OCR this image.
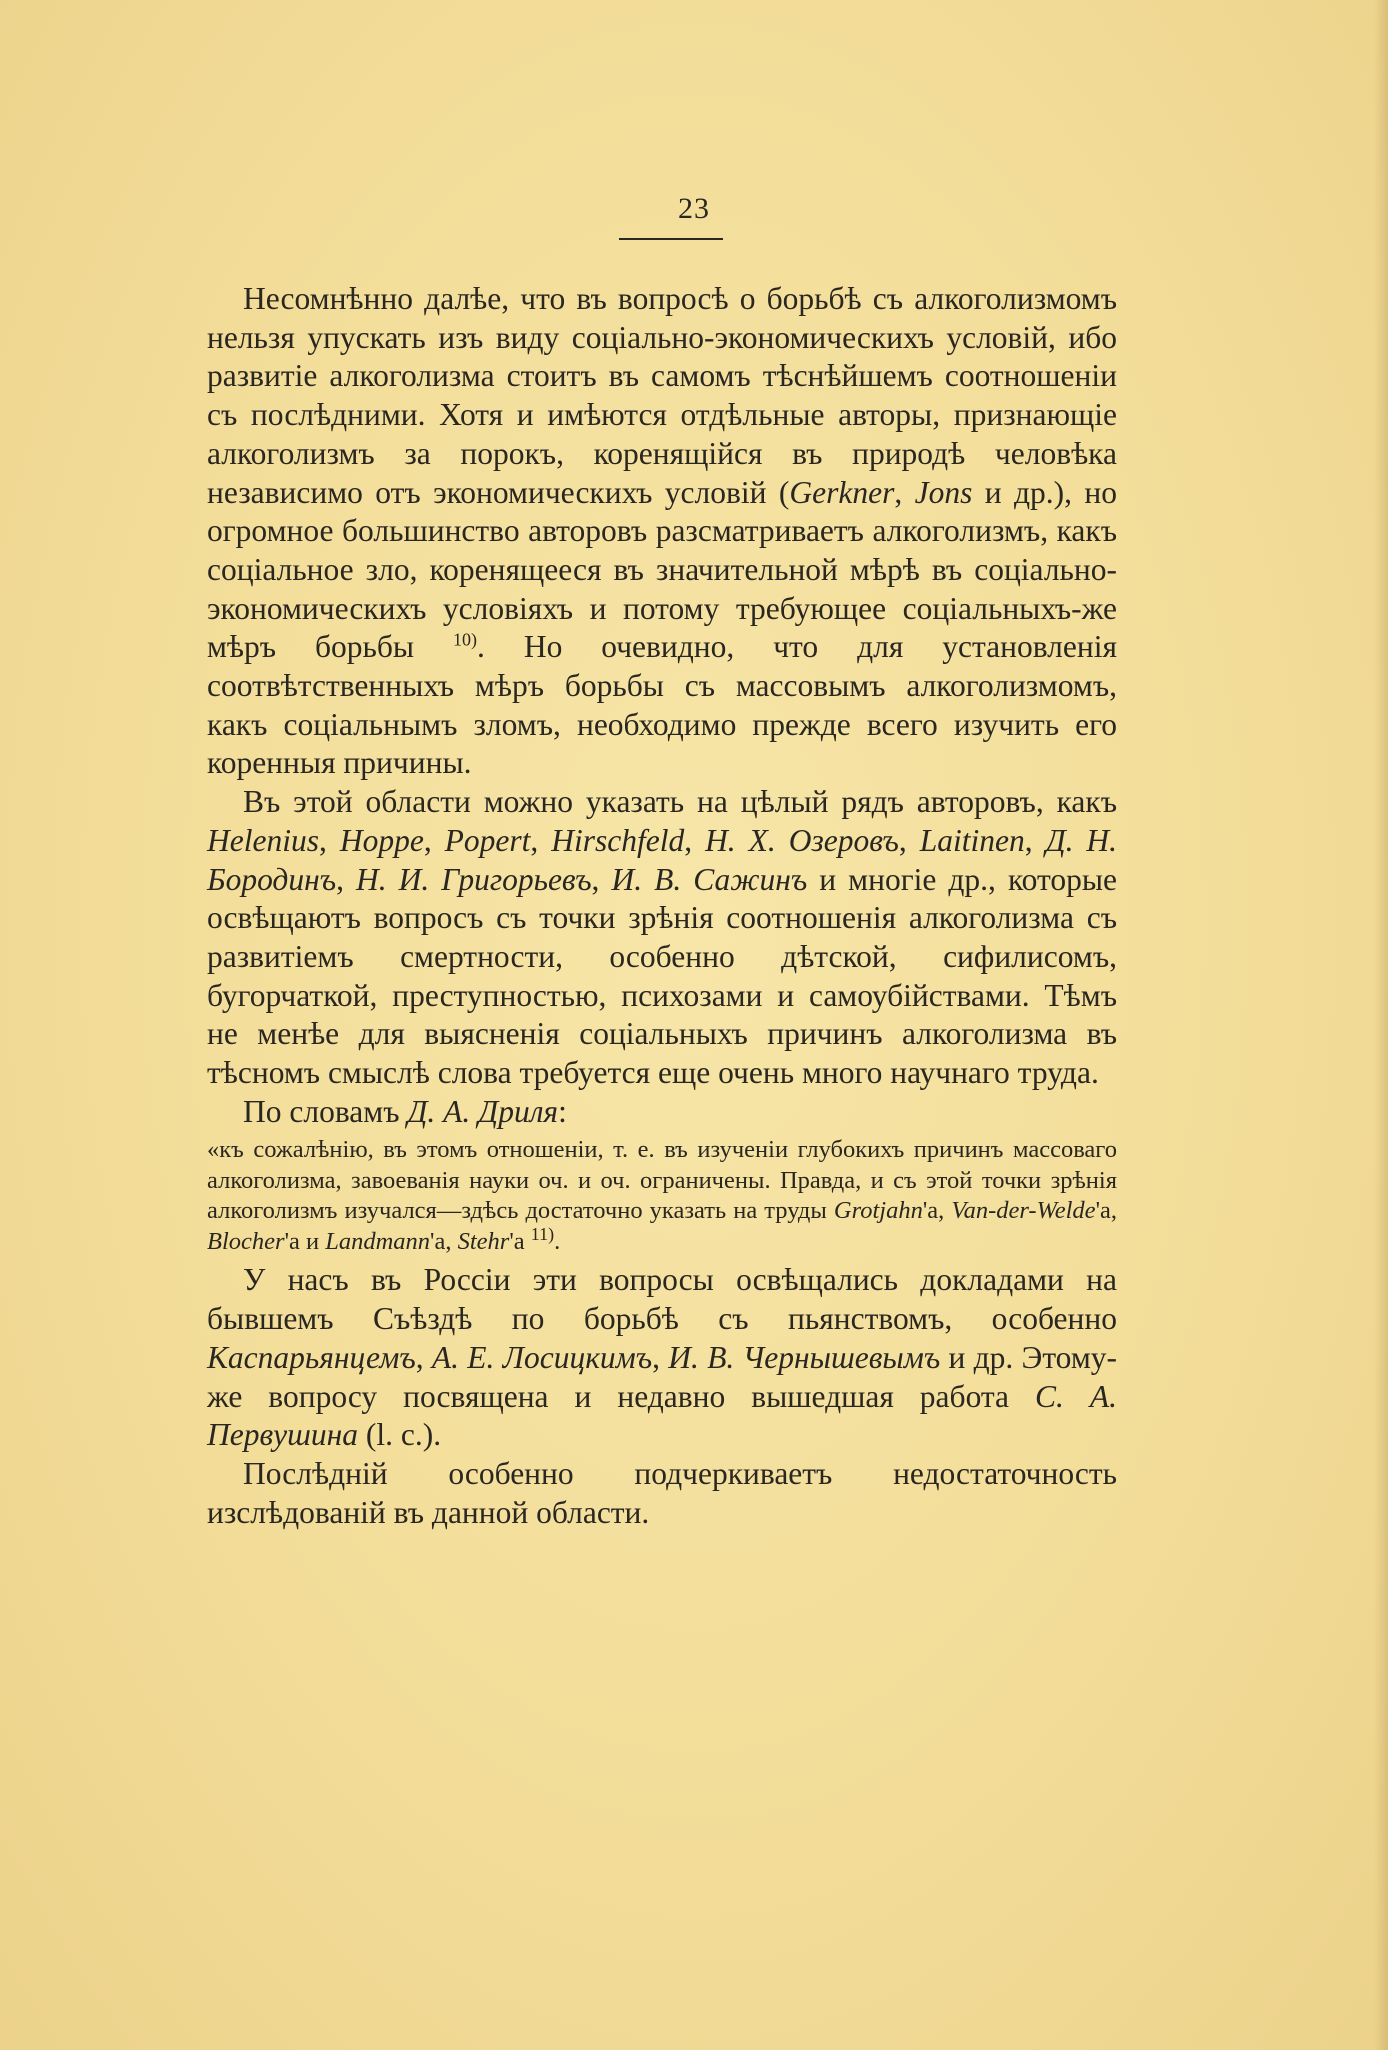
23

Несомнѣнно далѣе, что въ вопросѣ о борьбѣ съ алкоголизмомъ нельзя упускать изъ виду соціально-экономическихъ условій, ибо развитіе алкоголизма стоитъ въ самомъ тѣснѣйшемъ соотношеніи съ послѣдними. Хотя и имѣются отдѣльные авторы, признающіе алкоголизмъ за порокъ, коренящійся въ природѣ человѣка независимо отъ экономическихъ условій (Gerkner, Jons и др.), но огромное большинство авторовъ разсматриваетъ алкоголизмъ, какъ соціальное зло, коренящееся въ значительной мѣрѣ въ соціально-экономическихъ условіяхъ и потому требующее соціальныхъ-же мѣръ борьбы $^{10)}$. Но очевидно, что для установленія соотвѣтственныхъ мѣръ борьбы съ массовымъ алкоголизмомъ, какъ соціальнымъ зломъ, необходимо прежде всего изучить его коренныя причины.

Въ этой области можно указать на цѣлый рядъ авторовъ, какъ Helenius, Hoppe, Popert, Hirschfeld, Н. Х. Озеровъ, Laitinen, Д. Н. Бородинъ, Н. И. Григорьевъ, И. В. Сажинъ и многіе др., которые освѣщаютъ вопросъ съ точки зрѣнія соотношенія алкоголизма съ развитіемъ смертности, особенно дѣтской, сифилисомъ, бугорчаткой, преступностью, психозами и самоубійствами. Тѣмъ не менѣе для выясненія соціальныхъ причинъ алкоголизма въ тѣсномъ смыслѣ слова требуется еще очень много научнаго труда.

По словамъ Д. А. Дриля:

«къ сожалѣнію, въ этомъ отношеніи, т. е. въ изученіи глубокихъ причинъ массоваго алкоголизма, завоеванія науки оч. и оч. ограничены. Правда, и съ этой точки зрѣнія алкоголизмъ изучался—здѣсь достаточно указать на труды Grotjahn'а, Van-der-Welde'а, Blocher'а и Landmann'а, Stehr'а $^{11)}$.

У насъ въ Россіи эти вопросы освѣщались докладами на бывшемъ Съѣздѣ по борьбѣ съ пьянствомъ, особенно Каспарьянцемъ, А. Е. Лосицкимъ, И. В. Чернышевымъ и др. Этому-же вопросу посвящена и недавно вышедшая работа С. А. Первушина (l. c.).

Послѣдній особенно подчеркиваетъ недостаточность изслѣдованій въ данной области.
